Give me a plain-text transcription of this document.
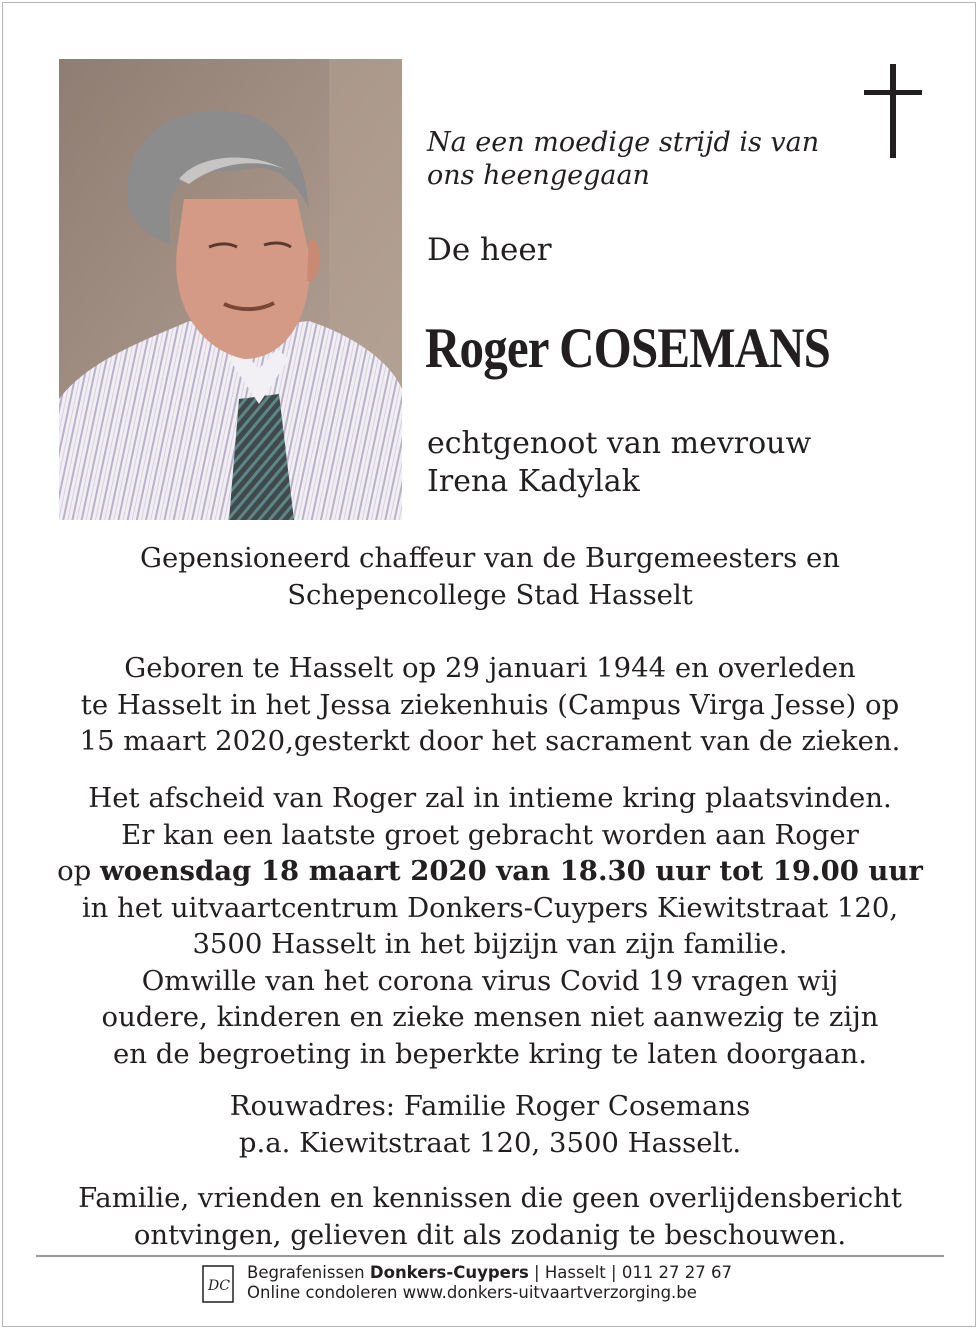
Na een moedige strijd is van
ons heengegaan
De heer
Roger COSEMANS
echtgenoot van mevrouw
Irena Kadylak
Gepensioneerd chaffeur van de Burgemeesters en
Schepencollege Stad Hasselt
Geboren te Hasselt op 29 januari 1944 en overleden
te Hasselt in het Jessa ziekenhuis (Campus Virga Jesse) op
15 maart 2020,gesterkt door het sacrament van de zieken.
Het afscheid van Roger zal in intieme kring plaatsvinden.
Er kan een laatste groet gebracht worden aan Roger
op woensdag 18 maart 2020 van 18.30 uur tot 19.00 uur
in het uitvaartcentrum Donkers-Cuypers Kiewitstraat 120,
3500 Hasselt in het bijzijn van zijn familie.
Omwille van het corona virus Covid 19 vragen wij
oudere, kinderen en zieke mensen niet aanwezig te zijn
en de begroeting in beperkte kring te laten doorgaan.
Rouwadres: Familie Roger Cosemans
p.a. Kiewitstraat 120, 3500 Hasselt.
Familie, vrienden en kennissen die geen overlijdensbericht
ontvingen, gelieven dit als zodanig te beschouwen.
DC
Begrafenissen Donkers-Cuypers | Hasselt | 011 27 27 67
Online condoleren www.donkers-uitvaartverzorging.be
